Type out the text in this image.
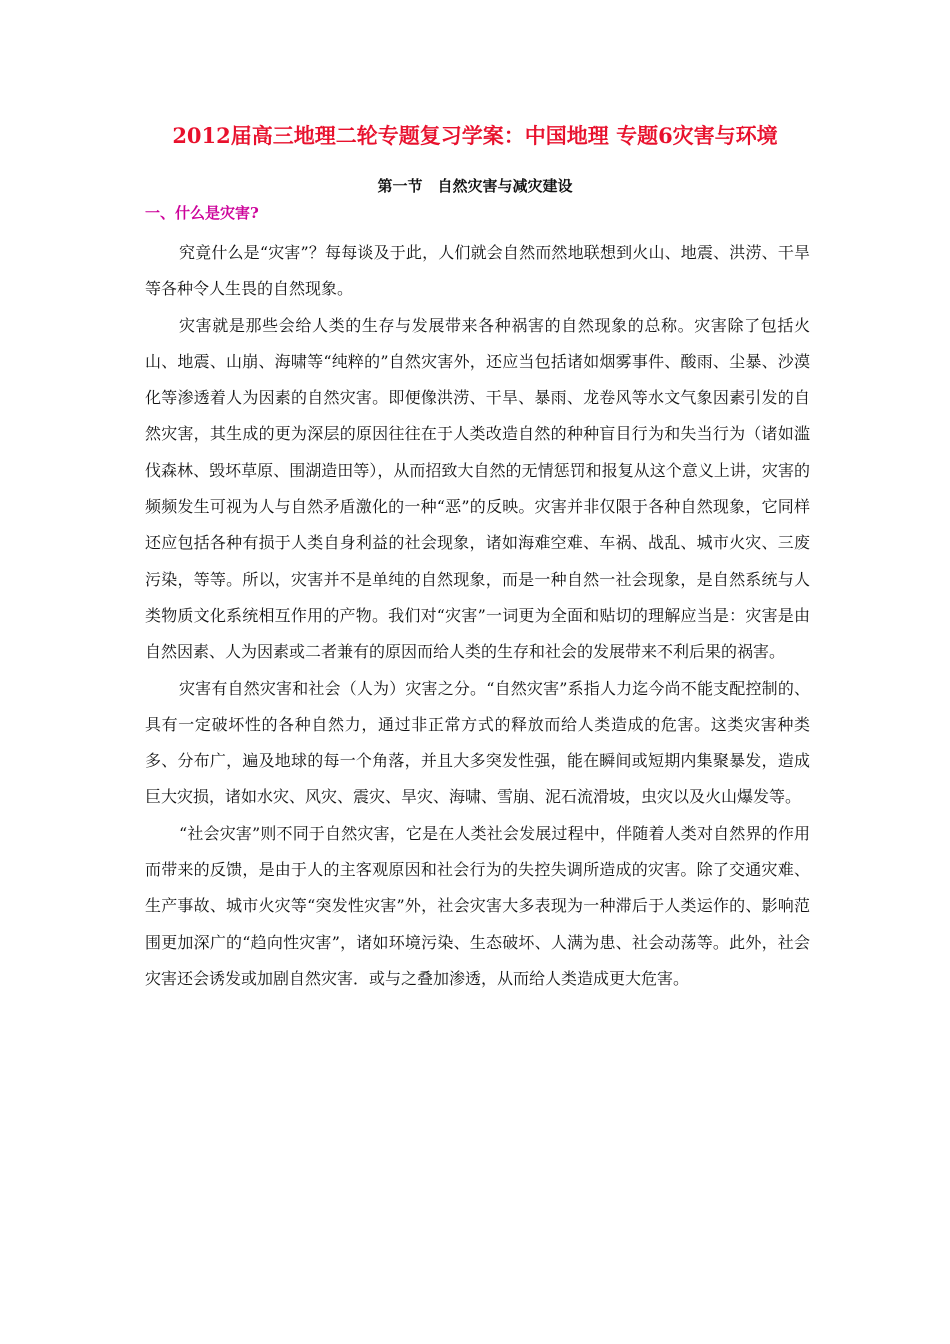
2012届高三地理二轮专题复习学案：中国地理 专题6灾害与环境
第一节　自然灾害与减灾建设
一、什么是灾害?

究竟什么是“灾害”？每每谈及于此，人们就会自然而然地联想到火山、地震、洪涝、干旱等各种令人生畏的自然现象。

灾害就是那些会给人类的生存与发展带来各种祸害的自然现象的总称。灾害除了包括火山、地震、山崩、海啸等“纯粹的”自然灾害外，还应当包括诸如烟雾事件、酸雨、尘暴、沙漠化等渗透着人为因素的自然灾害。即便像洪涝、干旱、暴雨、龙卷风等水文气象因素引发的自然灾害，其生成的更为深层的原因往往在于人类改造自然的种种盲目行为和失当行为（诸如滥伐森林、毁坏草原、围湖造田等），从而招致大自然的无情惩罚和报复从这个意义上讲，灾害的频频发生可视为人与自然矛盾激化的一种“恶”的反映。灾害并非仅限于各种自然现象，它同样还应包括各种有损于人类自身利益的社会现象，诸如海难空难、车祸、战乱、城市火灾、三废污染，等等。所以，灾害并不是单纯的自然现象，而是一种自然一社会现象，是自然系统与人类物质文化系统相互作用的产物。我们对“灾害”一词更为全面和贴切的理解应当是：灾害是由自然因素、人为因素或二者兼有的原因而给人类的生存和社会的发展带来不利后果的祸害。

灾害有自然灾害和社会（人为）灾害之分。“自然灾害”系指人力迄今尚不能支配控制的、具有一定破坏性的各种自然力，通过非正常方式的释放而给人类造成的危害。这类灾害种类多、分布广，遍及地球的每一个角落，并且大多突发性强，能在瞬间或短期内集聚暴发，造成巨大灾损，诸如水灾、风灾、震灾、旱灾、海啸、雪崩、泥石流滑坡，虫灾以及火山爆发等。

“社会灾害”则不同于自然灾害，它是在人类社会发展过程中，伴随着人类对自然界的作用而带来的反馈，是由于人的主客观原因和社会行为的失控失调所造成的灾害。除了交通灾难、生产事故、城市火灾等“突发性灾害”外，社会灾害大多表现为一种滞后于人类运作的、影响范围更加深广的“趋向性灾害”，诸如环境污染、生态破坏、人满为患、社会动荡等。此外，社会灾害还会诱发或加剧自然灾害．或与之叠加渗透，从而给人类造成更大危害。
